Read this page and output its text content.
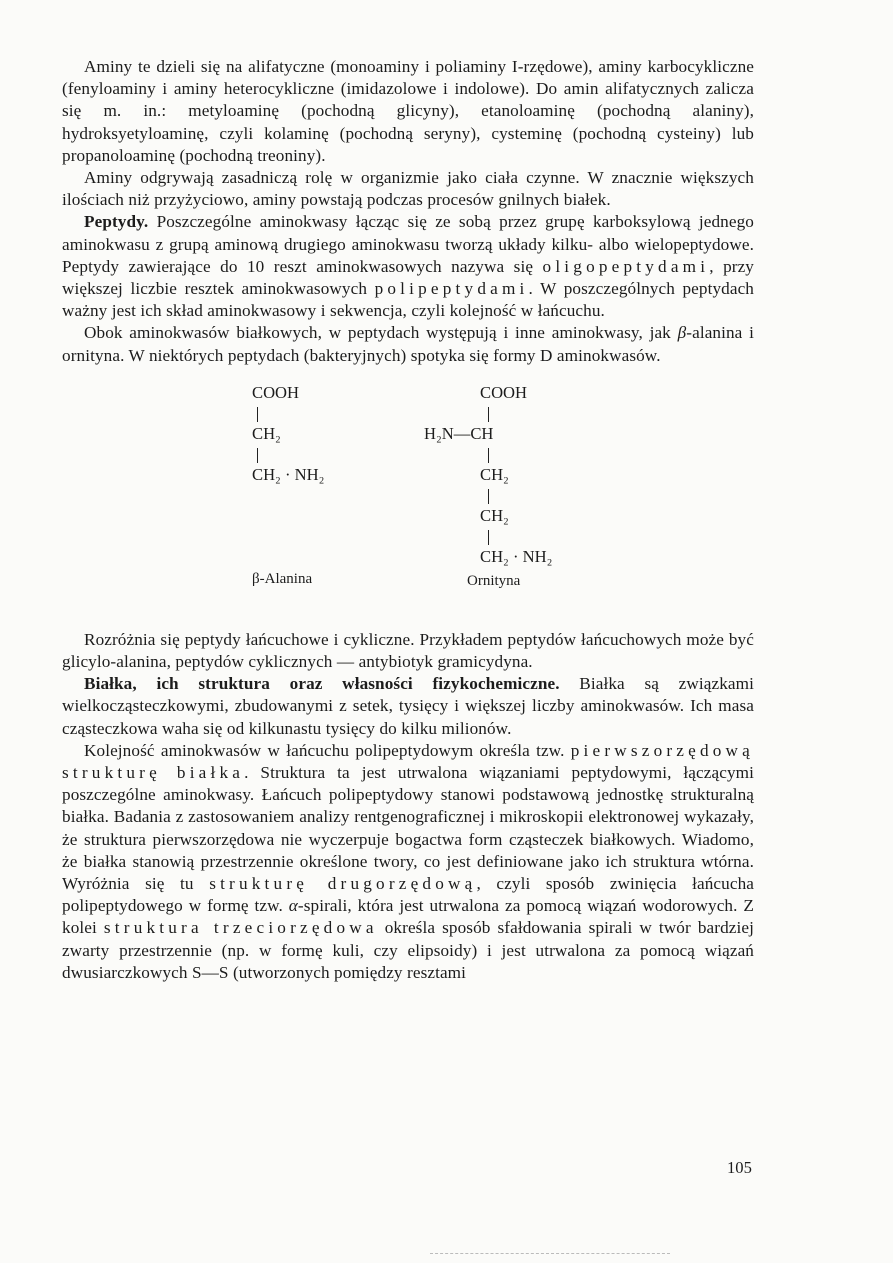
Aminy te dzieli się na alifatyczne (monoaminy i poliaminy I-rzędowe), aminy karbocykliczne (fenyloaminy i aminy heterocykliczne (imidazolowe i indolowe). Do amin alifatycznych zalicza się m. in.: metyloaminę (pochodną glicyny), etanoloaminę (pochodną alaniny), hydroksyetyloaminę, czyli kolaminę (pochodną seryny), cysteminę (pochodną cysteiny) lub propanoloaminę (pochodną treoniny).

Aminy odgrywają zasadniczą rolę w organizmie jako ciała czynne. W znacznie większych ilościach niż przyżyciowo, aminy powstają podczas procesów gnilnych białek.

Peptydy. Poszczególne aminokwasy łącząc się ze sobą przez grupę karboksylową jednego aminokwasu z grupą aminową drugiego aminokwasu tworzą układy kilku- albo wielopeptydowe. Peptydy zawierające do 10 reszt aminokwasowych nazywa się oligopeptydami, przy większej liczbie resztek aminokwasowych polipeptydami. W poszczególnych peptydach ważny jest ich skład aminokwasowy i sekwencja, czyli kolejność w łańcuchu.

Obok aminokwasów białkowych, w peptydach występują i inne aminokwasy, jak β-alanina i ornityna. W niektórych peptydach (bakteryjnych) spotyka się formy D aminokwasów.

COOH
CH₂
CH₂ · NH₂
β-Alanina
COOH
H₂N—CH
CH₂
CH₂
CH₂ · NH₂
Ornityna

Rozróżnia się peptydy łańcuchowe i cykliczne. Przykładem peptydów łańcuchowych może być glicylo-alanina, peptydów cyklicznych — antybiotyk gramicydyna.

Białka, ich struktura oraz własności fizykochemiczne. Białka są związkami wielkocząsteczkowymi, zbudowanymi z setek, tysięcy i większej liczby aminokwasów. Ich masa cząsteczkowa waha się od kilkunastu tysięcy do kilku milionów.

Kolejność aminokwasów w łańcuchu polipeptydowym określa tzw. pierwszorzędową strukturę białka. Struktura ta jest utrwalona wiązaniami peptydowymi, łączącymi poszczególne aminokwasy. Łańcuch polipeptydowy stanowi podstawową jednostkę strukturalną białka. Badania z zastosowaniem analizy rentgenograficznej i mikroskopii elektronowej wykazały, że struktura pierwszorzędowa nie wyczerpuje bogactwa form cząsteczek białkowych. Wiadomo, że białka stanowią przestrzennie określone twory, co jest definiowane jako ich struktura wtórna. Wyróżnia się tu strukturę drugorzędową, czyli sposób zwinięcia łańcucha polipeptydowego w formę tzw. α-spirali, która jest utrwalona za pomocą wiązań wodorowych. Z kolei struktura trzeciorzędowa określa sposób sfałdowania spirali w twór bardziej zwarty przestrzennie (np. w formę kuli, czy elipsoidy) i jest utrwalona za pomocą wiązań dwusiarczkowych S—S (utworzonych pomiędzy resztami

105
